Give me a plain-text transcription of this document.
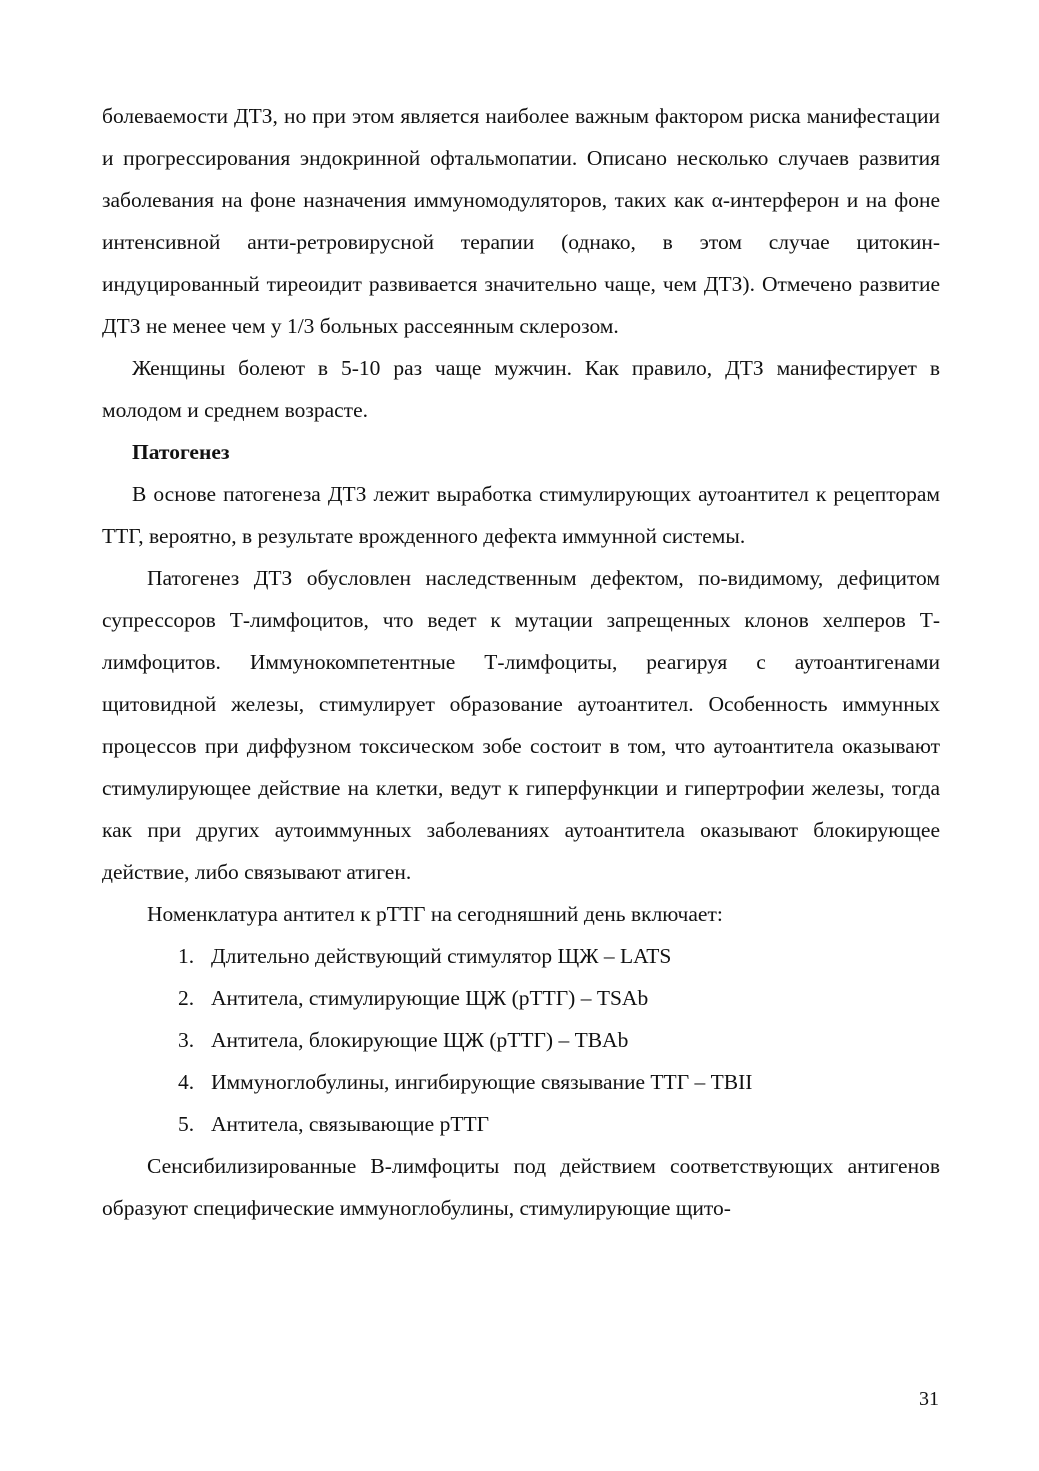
болеваемости ДТЗ, но при этом является наиболее важным фактором риска манифестации и прогрессирования эндокринной офтальмопатии. Описано несколько случаев развития заболевания на фоне назначения иммуномодуляторов, таких как α-интерферон и на фоне интенсивной анти-ретровирусной терапии (однако, в этом случае цитокин-индуцированный тиреоидит развивается значительно чаще, чем ДТЗ). Отмечено развитие ДТЗ не менее чем у 1/3 больных рассеянным склерозом.

Женщины болеют в 5-10 раз чаще мужчин. Как правило, ДТЗ манифестирует в молодом и среднем возрасте.

Патогенез

В основе патогенеза ДТЗ лежит выработка стимулирующих аутоантител к рецепторам ТТГ, вероятно, в результате врожденного дефекта иммунной системы.

Патогенез ДТЗ обусловлен наследственным дефектом, по-видимому, дефицитом супрессоров Т-лимфоцитов, что ведет к мутации запрещенных клонов хелперов Т-лимфоцитов. Иммунокомпетентные Т-лимфоциты, реагируя с аутоантигенами щитовидной железы, стимулирует образование аутоантител. Особенность иммунных процессов при диффузном токсическом зобе состоит в том, что аутоантитела оказывают стимулирующее действие на клетки, ведут к гиперфункции и гипертрофии железы, тогда как при других аутоиммунных заболеваниях аутоантитела оказывают блокирующее действие, либо связывают атиген.

Номенклатура антител к рТТГ на сегодняшний день включает:

1. Длительно действующий стимулятор ЩЖ – LATS
2. Антитела, стимулирующие ЩЖ (рТТГ) – TSAb
3. Антитела, блокирующие ЩЖ (рТТГ) – TBAb
4. Иммуноглобулины, ингибирующие связывание ТТГ – TBII
5. Антитела, связывающие рТТГ

Сенсибилизированные В-лимфоциты под действием соответствующих антигенов образуют специфические иммуноглобулины, стимулирующие щито-

31
